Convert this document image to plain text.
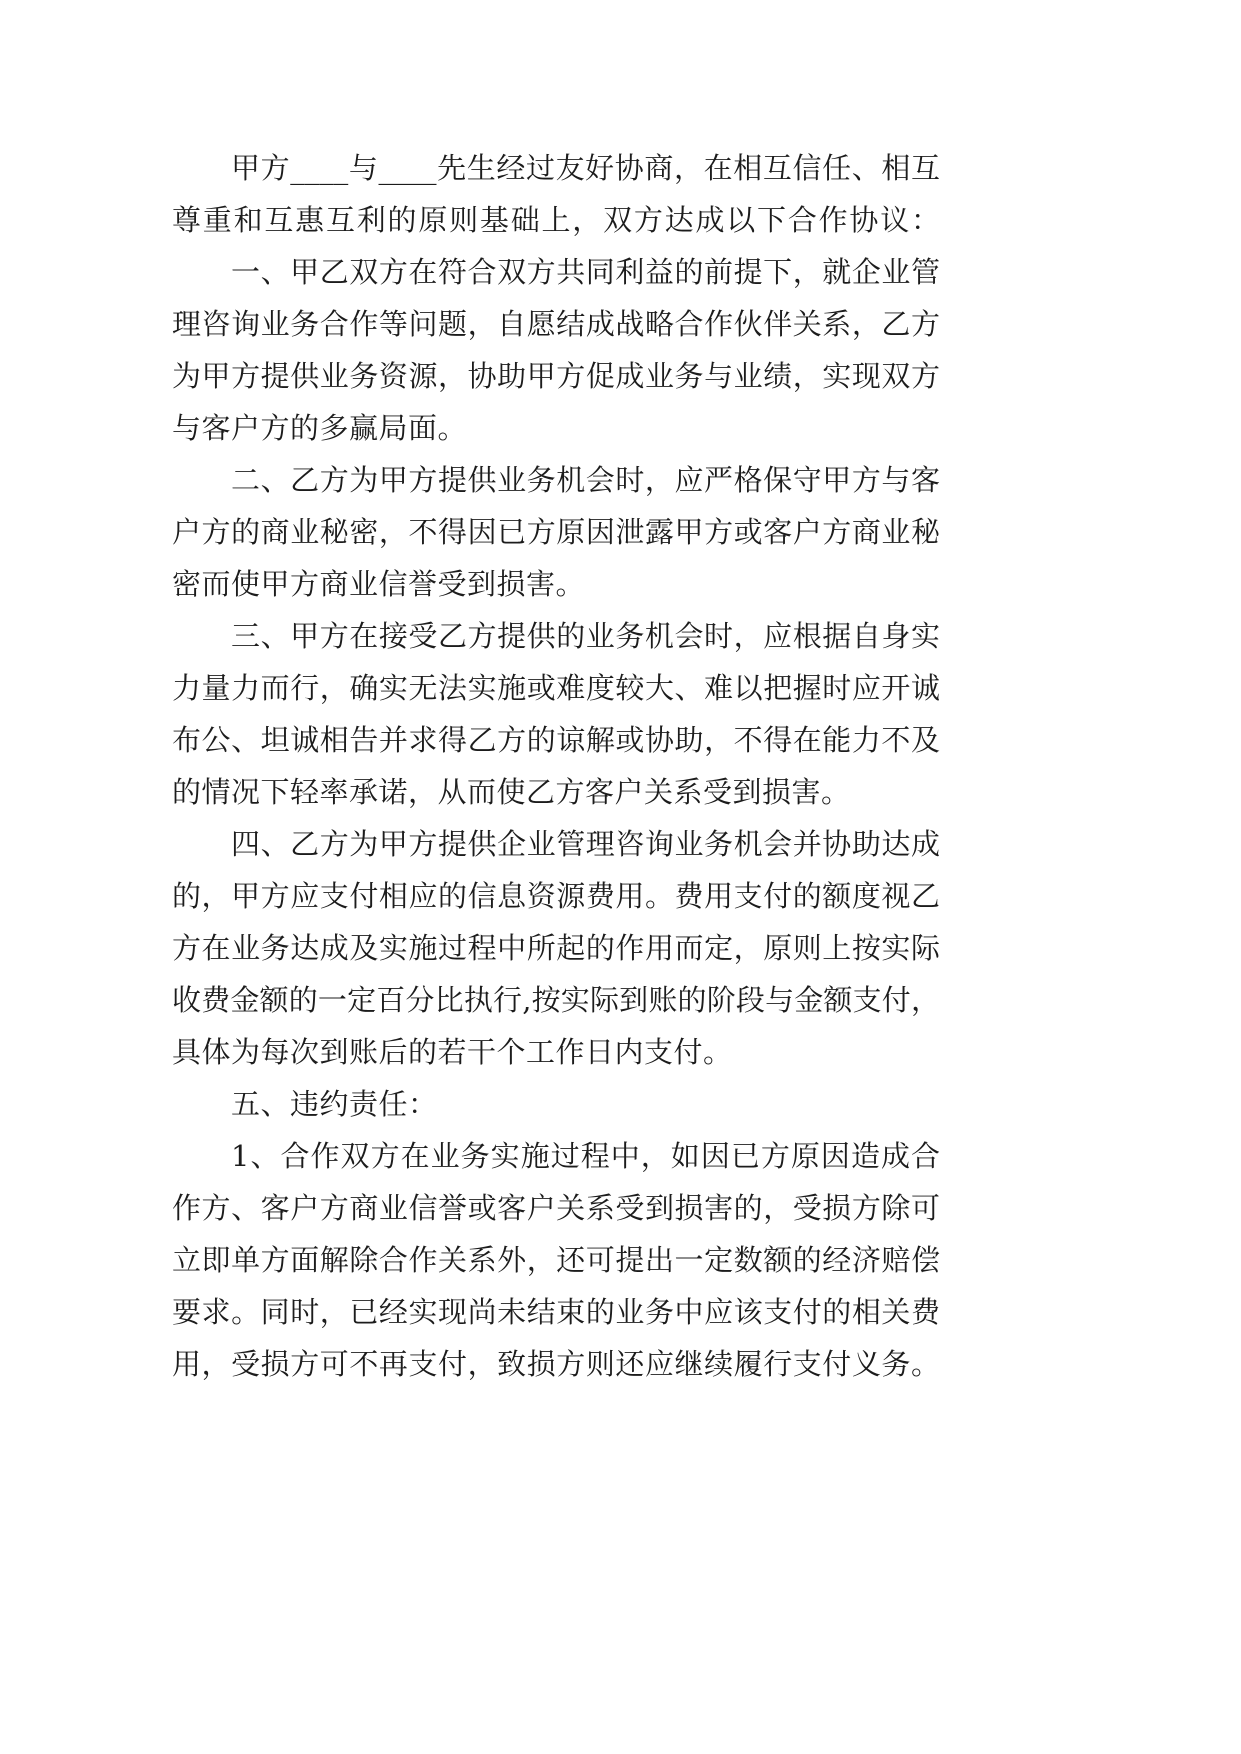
甲方____与____先生经过友好协商，在相互信任、相互
尊重和互惠互利的原则基础上，双方达成以下合作协议：
一、甲乙双方在符合双方共同利益的前提下，就企业管
理咨询业务合作等问题，自愿结成战略合作伙伴关系，乙方
为甲方提供业务资源，协助甲方促成业务与业绩，实现双方
与客户方的多赢局面。
二、乙方为甲方提供业务机会时，应严格保守甲方与客
户方的商业秘密，不得因已方原因泄露甲方或客户方商业秘
密而使甲方商业信誉受到损害。
三、甲方在接受乙方提供的业务机会时，应根据自身实
力量力而行，确实无法实施或难度较大、难以把握时应开诚
布公、坦诚相告并求得乙方的谅解或协助，不得在能力不及
的情况下轻率承诺，从而使乙方客户关系受到损害。
四、乙方为甲方提供企业管理咨询业务机会并协助达成
的，甲方应支付相应的信息资源费用。费用支付的额度视乙
方在业务达成及实施过程中所起的作用而定，原则上按实际
收费金额的一定百分比执行,按实际到账的阶段与金额支付，
具体为每次到账后的若干个工作日内支付。
五、违约责任：
1、合作双方在业务实施过程中，如因已方原因造成合
作方、客户方商业信誉或客户关系受到损害的，受损方除可
立即单方面解除合作关系外，还可提出一定数额的经济赔偿
要求。同时，已经实现尚未结束的业务中应该支付的相关费
用，受损方可不再支付，致损方则还应继续履行支付义务。
